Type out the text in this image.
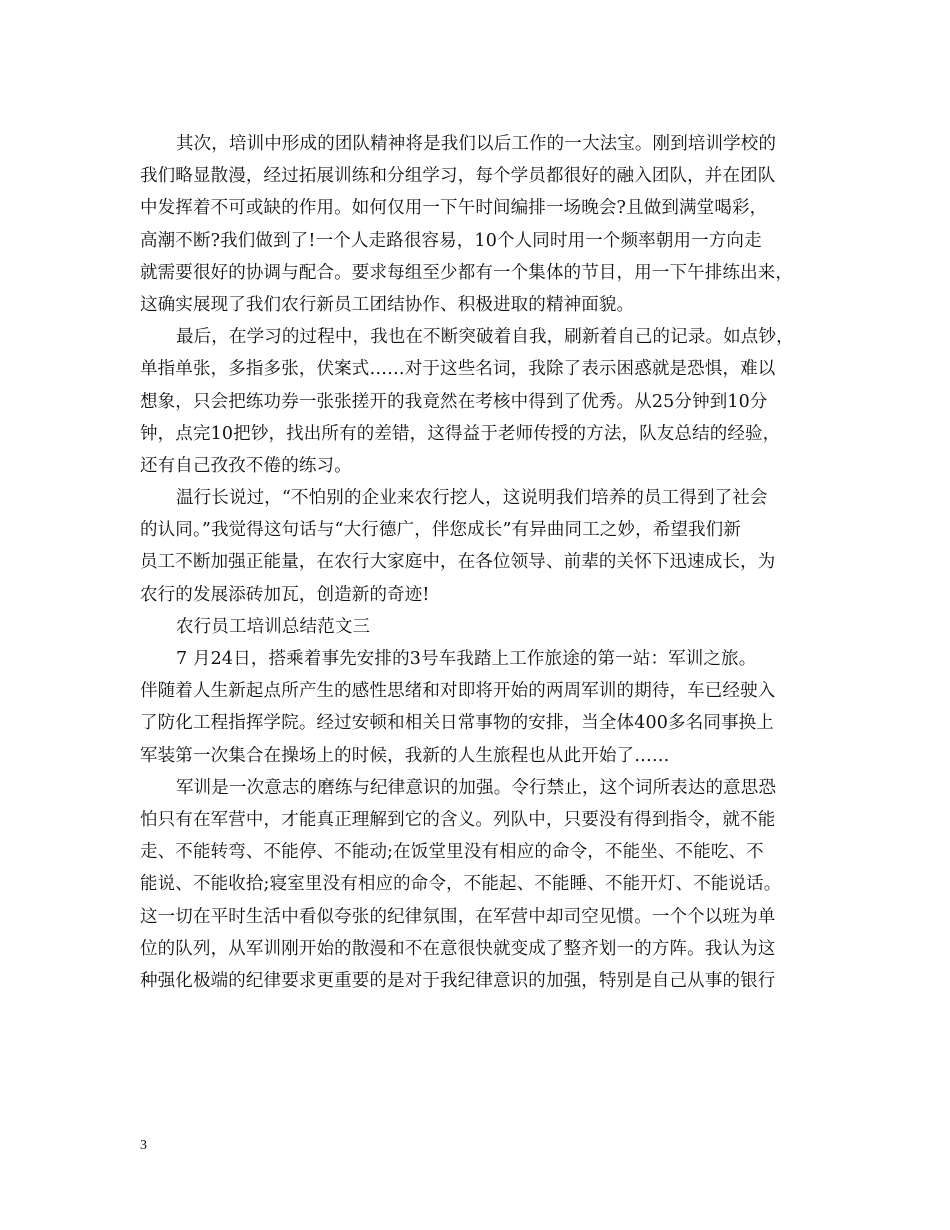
其次，培训中形成的团队精神将是我们以后工作的一大法宝。刚到培训学校的
我们略显散漫，经过拓展训练和分组学习，每个学员都很好的融入团队，并在团队
中发挥着不可或缺的作用。如何仅用一下午时间编排一场晚会?且做到满堂喝彩，
高潮不断?我们做到了!一个人走路很容易，10个人同时用一个频率朝用一方向走
就需要很好的协调与配合。要求每组至少都有一个集体的节目，用一下午排练出来，
这确实展现了我们农行新员工团结协作、积极进取的精神面貌。
最后，在学习的过程中，我也在不断突破着自我，刷新着自己的记录。如点钞，
单指单张，多指多张，伏案式……对于这些名词，我除了表示困惑就是恐惧，难以
想象，只会把练功券一张张搓开的我竟然在考核中得到了优秀。从25分钟到10分
钟，点完10把钞，找出所有的差错，这得益于老师传授的方法，队友总结的经验，
还有自己孜孜不倦的练习。
温行长说过，“不怕别的企业来农行挖人，这说明我们培养的员工得到了社会
的认同。”我觉得这句话与“大行德广，伴您成长”有异曲同工之妙，希望我们新
员工不断加强正能量，在农行大家庭中，在各位领导、前辈的关怀下迅速成长，为
农行的发展添砖加瓦，创造新的奇迹!
农行员工培训总结范文三
7 月24日，搭乘着事先安排的3号车我踏上工作旅途的第一站：军训之旅。
伴随着人生新起点所产生的感性思绪和对即将开始的两周军训的期待，车已经驶入
了防化工程指挥学院。经过安顿和相关日常事物的安排，当全体400多名同事换上
军装第一次集合在操场上的时候，我新的人生旅程也从此开始了……
军训是一次意志的磨练与纪律意识的加强。令行禁止，这个词所表达的意思恐
怕只有在军营中，才能真正理解到它的含义。列队中，只要没有得到指令，就不能
走、不能转弯、不能停、不能动;在饭堂里没有相应的命令，不能坐、不能吃、不
能说、不能收拾;寝室里没有相应的命令，不能起、不能睡、不能开灯、不能说话。
这一切在平时生活中看似夸张的纪律氛围，在军营中却司空见惯。一个个以班为单
位的队列，从军训刚开始的散漫和不在意很快就变成了整齐划一的方阵。我认为这
种强化极端的纪律要求更重要的是对于我纪律意识的加强，特别是自己从事的银行
3
